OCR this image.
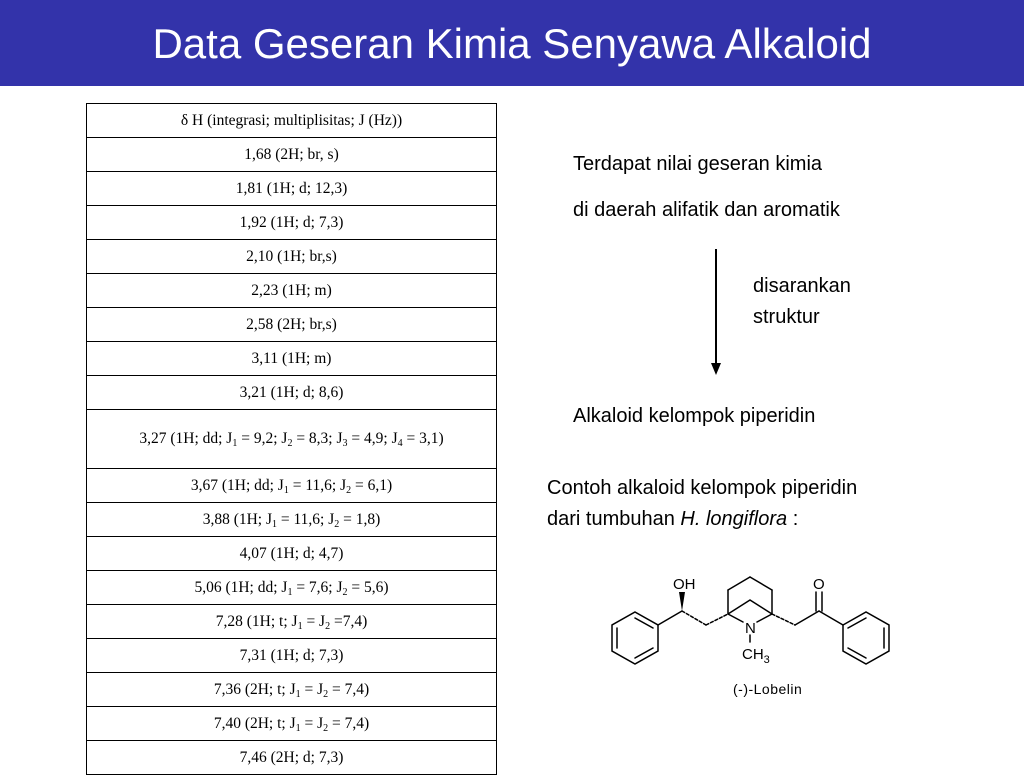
Data Geseran Kimia Senyawa Alkaloid
δ H (integrasi; multiplisitas; J (Hz))
1,68 (2H; br, s)
1,81 (1H; d; 12,3)
1,92 (1H; d; 7,3)
2,10 (1H; br,s)
2,23 (1H; m)
2,58 (2H; br,s)
3,11 (1H; m)
3,21 (1H; d; 8,6)
3,27 (1H; dd; $J_1 = 9,2$; $J_2 = 8,3$; $J_3 = 4,9$; $J_4 = 3,1$)
3,67 (1H; dd; $J_1 = 11,6$; $J_2 = 6,1$)
3,88 (1H; $J_1 = 11,6$; $J_2 = 1,8$)
4,07 (1H; d; 4,7)
5,06 (1H; dd; $J_1 = 7,6$; $J_2 = 5,6$)
7,28 (1H; t; $J_1 = J_2 =7,4$)
7,31 (1H; d; 7,3)
7,36 (2H; t; $J_1 = J_2 = 7,4$)
7,40 (2H; t; $J_1 = J_2 = 7,4$)
7,46 (2H; d; 7,3)
Terdapat nilai geseran kimia
di daerah alifatik dan aromatik
disarankan
struktur
Alkaloid kelompok piperidin
Contoh alkaloid kelompok piperidin
dari tumbuhan H. longiflora :
OH	O
N
$CH_3$
(-)-Lobelin
